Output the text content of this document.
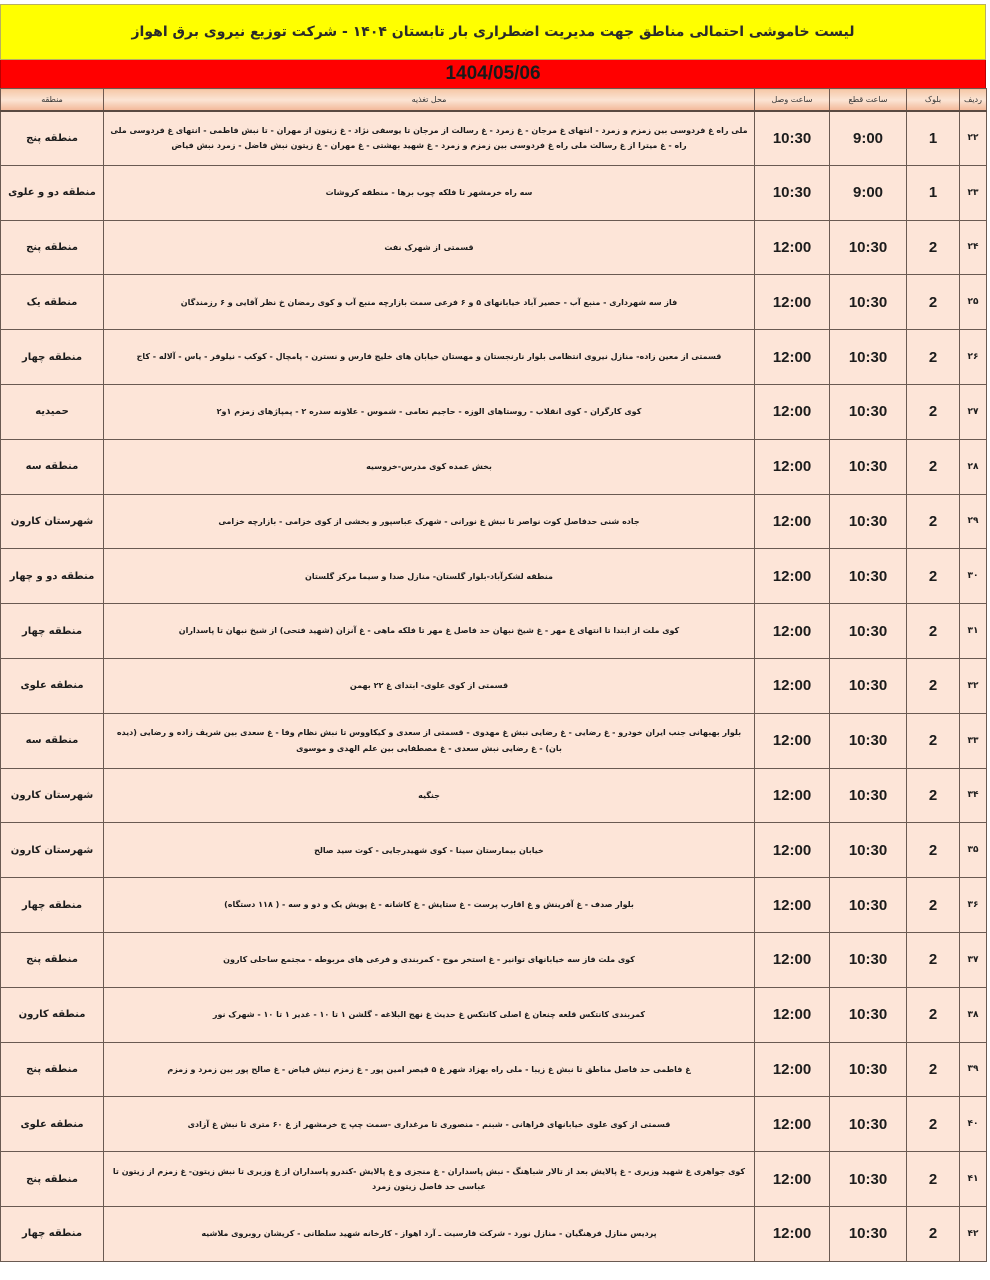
لیست خاموشی احتمالی مناطق جهت مدیریت اضطراری بار تابستان ۱۴۰۴ - شرکت توزیع نیروی برق اهواز
1404/05/06
ردیف	بلوک	ساعت قطع	ساعت وصل	محل تغذیه	منطقه
۲۲	1	9:00	10:30	ملی راه غ فردوسی بین زمزم و زمرد - انتهای غ مرجان - غ زمرد - غ رسالت از مرجان تا یوسفی نژاد - غ زیتون از مهران - تا نبش فاطمی - انتهای غ فردوسی ملی راه - غ میترا از غ رسالت ملی راه غ فردوسی بین زمزم و زمرد - غ شهید بهشتی - غ مهران - غ زیتون نبش فاضل - زمرد نبش فیاض	منطقه پنج
۲۳	1	9:00	10:30	سه راه خرمشهر تا فلکه چوب برها - منطقه کروشات	منطقه دو و علوی
۲۴	2	10:30	12:00	قسمتی از شهرک نفت	منطقه پنج
۲۵	2	10:30	12:00	فاز سه شهرداری - منبع آب - حصیر آباد خیابانهای ۵ و ۶ فرعی سمت بازارچه منبع آب و کوی رمضان خ نظر آقایی و ۶ رزمندگان	منطقه یک
۲۶	2	10:30	12:00	قسمتی از معین زاده- منازل نیروی انتظامی بلوار نارنجستان و مهستان خیابان های خلیج فارس و نسترن - پامچال - کوکب - نیلوفر - یاس - آلاله - کاج	منطقه چهار
۲۷	2	10:30	12:00	کوی کارگران - کوی انقلاب - روستاهای الوزه - حاجیم تعامی - شموس - علاونه سدره ۲ - پمپاژهای زمزم ۱و۲	حمیدیه
۲۸	2	10:30	12:00	بخش عمده کوی مدرس-خروسیه	منطقه سه
۲۹	2	10:30	12:00	جاده شنی حدفاصل کوت نواصر تا نبش غ نورانی - شهرک عباسپور و بخشی از کوی خزامی - بازارچه خزامی	شهرستان کارون
۳۰	2	10:30	12:00	منطقه لشکرآباد-بلوار گلستان- منازل صدا و سیما مرکز گلستان	منطقه دو و چهار
۳۱	2	10:30	12:00	کوی ملت از ابتدا تا انتهای غ مهر - غ شیخ نبهان حد فاصل غ مهر تا فلکه ماهی - غ آنزان (شهید فتحی) از شیخ نبهان تا پاسداران	منطقه چهار
۳۲	2	10:30	12:00	قسمتی از کوی علوی- ابتدای غ ۲۲ بهمن	منطقه علوی
۳۳	2	10:30	12:00	بلوار بهبهانی جنب ایران خودرو - غ رضایی - غ رضایی نبش غ مهدوی - قسمتی از سعدی و کیکاووس تا نبش نظام وفا - غ سعدی بین شریف زاده و رضایی (دیده بان) - غ رضایی نبش سعدی - غ مصطفایی بین علم الهدی و موسوی	منطقه سه
۳۴	2	10:30	12:00	جنگیه	شهرستان کارون
۳۵	2	10:30	12:00	خیابان بیمارستان سینا - کوی شهیدرجایی - کوت سید صالح	شهرستان کارون
۳۶	2	10:30	12:00	بلوار صدف - غ آفرینش و غ اقارب پرست - غ ستایش - غ کاشانه - غ پویش یک و دو و سه - ( ۱۱۸ دستگاه)	منطقه چهار
۳۷	2	10:30	12:00	کوی ملت فاز سه خیابانهای توانیر - غ استخر موج - کمربندی و فرعی های مربوطه - مجتمع ساحلی کارون	منطقه پنج
۳۸	2	10:30	12:00	کمربندی کانتکس قلعه چنعان غ اصلی کانتکس غ حدیث غ نهج البلاغه - گلشن ۱ تا ۱۰ - غدیر ۱ تا ۱۰ - شهرک نور	منطقه کارون
۳۹	2	10:30	12:00	غ فاطمی حد فاصل مناطق تا نبش غ زیبا - ملی راه بهزاد شهر غ ۵ قیصر امین پور - غ زمزم نبش فیاض - غ صالح پور بین زمرد و زمزم	منطقه پنج
۴۰	2	10:30	12:00	قسمتی از کوی علوی خیابانهای فراهانی - شبنم - منصوری تا مرغداری -سمت چپ ج خرمشهر از غ ۶۰ متری تا نبش غ آزادی	منطقه علوی
۴۱	2	10:30	12:00	کوی جواهری غ شهید وزیری - غ پالایش بعد از تالار شباهنگ - نبش پاسداران - غ منجزی و غ پالایش -کندرو پاسداران از غ وزیری تا نبش زیتون- غ زمزم از زیتون تا عباسی حد فاصل زیتون زمرد	منطقه پنج
۴۲	2	10:30	12:00	پردیس منازل فرهنگیان - منازل نورد - شرکت فارسیت ـ آرد اهواز - کارخانه شهید سلطانی - کریشان روبروی ملاشیه	منطقه چهار
